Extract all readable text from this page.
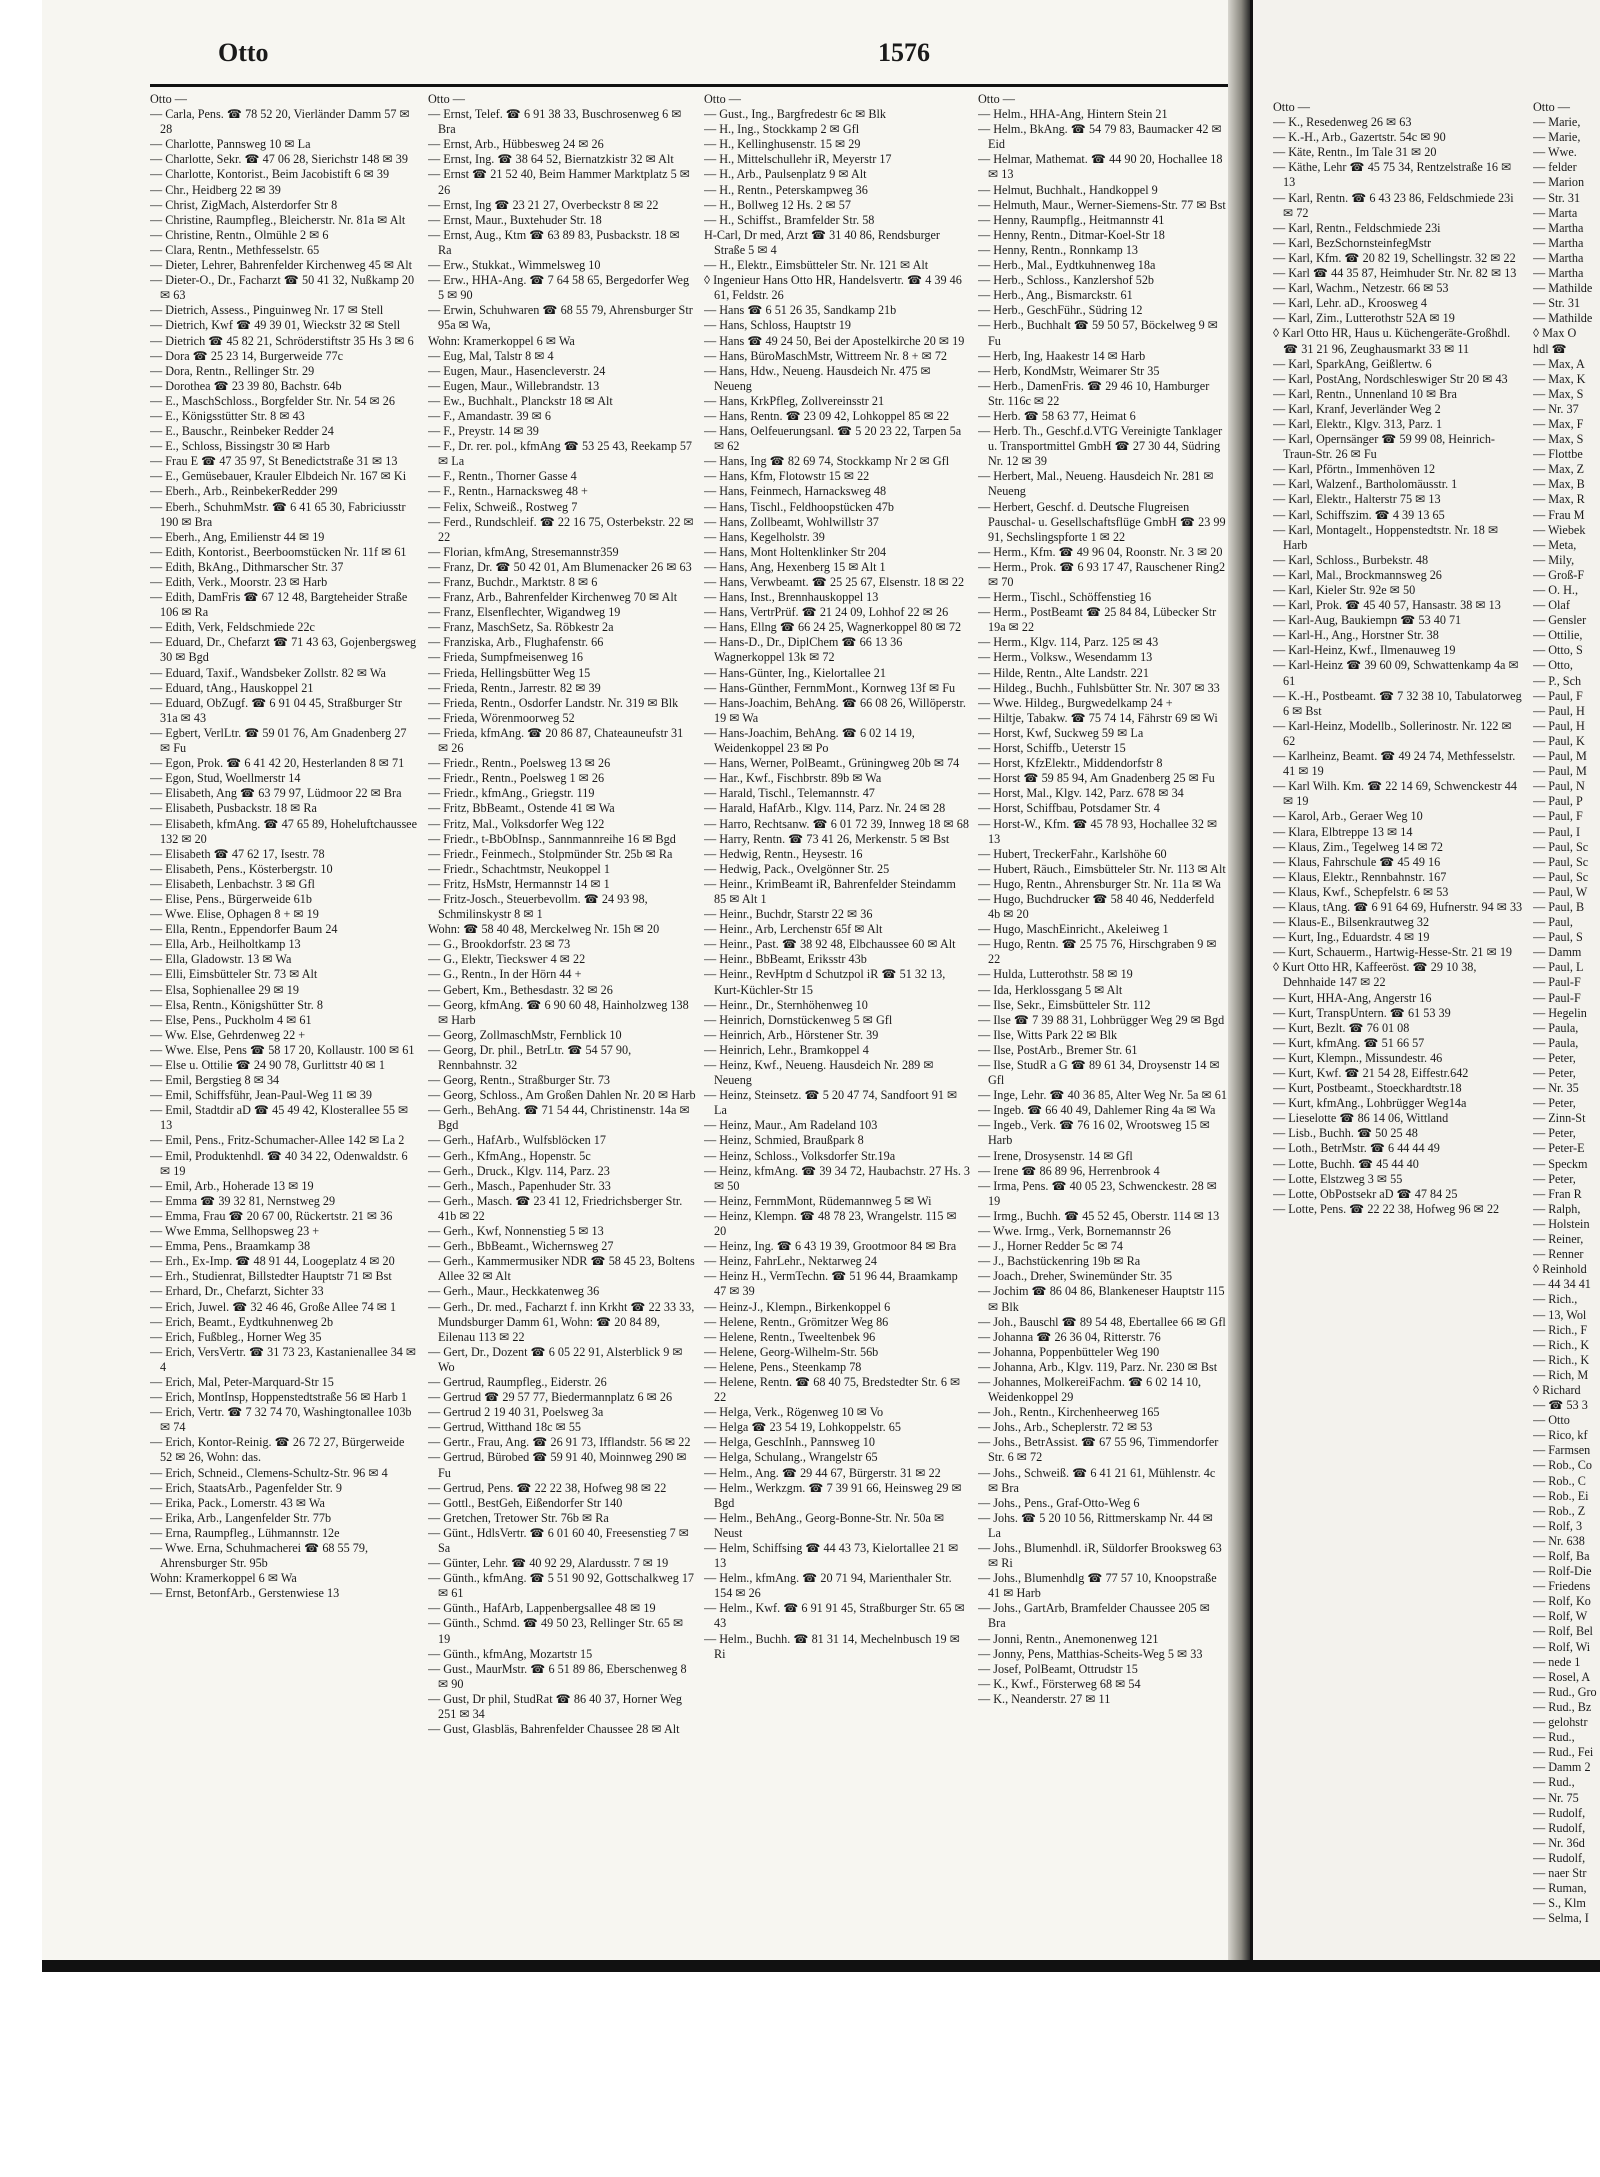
Otto	1576
Otto —
— Carla, Pens. ☎ 78 52 20, Vierländer Damm 57 ✉ 28
— Charlotte, Pannsweg 10 ✉ La
— Charlotte, Sekr. ☎ 47 06 28, Sierichstr 148 ✉ 39
— Charlotte, Kontorist., Beim Jacobistift 6 ✉ 39
— Chr., Heidberg 22 ✉ 39
— Christ, ZigMach, Alsterdorfer Str 8
— Christine, Raumpfleg., Bleicherstr. Nr. 81a ✉ Alt
— Christine, Rentn., Olmühle 2 ✉ 6
— Clara, Rentn., Methfesselstr. 65
— Dieter, Lehrer, Bahrenfelder Kirchenweg 45 ✉ Alt
— Dieter-O., Dr., Facharzt ☎ 50 41 32, Nußkamp 20 ✉ 63
— Dietrich, Assess., Pinguinweg Nr. 17 ✉ Stell
— Dietrich, Kwf ☎ 49 39 01, Wieckstr 32 ✉ Stell
— Dietrich ☎ 45 82 21, Schröderstiftstr 35 Hs 3 ✉ 6
— Dora ☎ 25 23 14, Burgerweide 77c
— Dora, Rentn., Rellinger Str. 29
— Dorothea ☎ 23 39 80, Bachstr. 64b
— E., MaschSchloss., Borgfelder Str. Nr. 54 ✉ 26
— E., Königsstütter Str. 8 ✉ 43
— E., Bauschr., Reinbeker Redder 24
— E., Schloss, Bissingstr 30 ✉ Harb
— Frau E ☎ 47 35 97, St Benedictstraße 31 ✉ 13
— E., Gemüsebauer, Krauler Elbdeich Nr. 167 ✉ Ki
— Eberh., Arb., ReinbekerRedder 299
— Eberh., SchuhmMstr. ☎ 6 41 65 30, Fabriciusstr 190 ✉ Bra
— Eberh., Ang, Emilienstr 44 ✉ 19
— Edith, Kontorist., Beerboomstücken Nr. 11f ✉ 61
— Edith, BkAng., Dithmarscher Str. 37
— Edith, Verk., Moorstr. 23 ✉ Harb
— Edith, DamFris ☎ 67 12 48, Bargteheider Straße 106 ✉ Ra
— Edith, Verk, Feldschmiede 22c
— Eduard, Dr., Chefarzt ☎ 71 43 63, Gojenbergsweg 30 ✉ Bgd
— Eduard, Taxif., Wandsbeker Zollstr. 82 ✉ Wa
— Eduard, tAng., Hauskoppel 21
— Eduard, ObZugf. ☎ 6 91 04 45, Straßburger Str 31a ✉ 43
— Egbert, VerlLtr. ☎ 59 01 76, Am Gnadenberg 27 ✉ Fu
— Egon, Prok. ☎ 6 41 42 20, Hesterlanden 8 ✉ 71
— Egon, Stud, Woellmerstr 14
— Elisabeth, Ang ☎ 63 79 97, Lüdmoor 22 ✉ Bra
— Elisabeth, Pusbackstr. 18 ✉ Ra
— Elisabeth, kfmAng. ☎ 47 65 89, Hoheluftchaussee 132 ✉ 20
— Elisabeth ☎ 47 62 17, Isestr. 78
— Elisabeth, Pens., Kösterbergstr. 10
— Elisabeth, Lenbachstr. 3 ✉ Gfl
— Elise, Pens., Bürgerweide 61b
— Wwe. Elise, Ophagen 8 + ✉ 19
— Ella, Rentn., Eppendorfer Baum 24
— Ella, Arb., Heilholtkamp 13
— Ella, Gladowstr. 13 ✉ Wa
— Elli, Eimsbütteler Str. 73 ✉ Alt
— Elsa, Sophienallee 29 ✉ 19
— Elsa, Rentn., Königshütter Str. 8
— Else, Pens., Puckholm 4 ✉ 61
— Ww. Else, Gehrdenweg 22 +
— Wwe. Else, Pens ☎ 58 17 20, Kollaustr. 100 ✉ 61
— Else u. Ottilie ☎ 24 90 78, Gurlittstr 40 ✉ 1
— Emil, Bergstieg 8 ✉ 34
— Emil, Schiffsführ, Jean-Paul-Weg 11 ✉ 39
— Emil, Stadtdir aD ☎ 45 49 42, Klosterallee 55 ✉ 13
— Emil, Pens., Fritz-Schumacher-Allee 142 ✉ La 2
— Emil, Produktenhdl. ☎ 40 34 22, Odenwaldstr. 6 ✉ 19
— Emil, Arb., Hoherade 13 ✉ 19
— Emma ☎ 39 32 81, Nernstweg 29
— Emma, Frau ☎ 20 67 00, Rückertstr. 21 ✉ 36
— Wwe Emma, Sellhopsweg 23 +
— Emma, Pens., Braamkamp 38
— Erh., Ex-Imp. ☎ 48 91 44, Loogeplatz 4 ✉ 20
— Erh., Studienrat, Billstedter Hauptstr 71 ✉ Bst
— Erhard, Dr., Chefarzt, Sichter 33
— Erich, Juwel. ☎ 32 46 46, Große Allee 74 ✉ 1
— Erich, Beamt., Eydtkuhnenweg 2b
— Erich, Fußbleg., Horner Weg 35
— Erich, VersVertr. ☎ 31 73 23, Kastanienallee 34 ✉ 4
— Erich, Mal, Peter-Marquard-Str 15
— Erich, MontInsp, Hoppenstedtstraße 56 ✉ Harb 1
— Erich, Vertr. ☎ 7 32 74 70, Washingtonallee 103b ✉ 74
— Erich, Kontor-Reinig. ☎ 26 72 27, Bürgerweide 52 ✉ 26, Wohn: das.
— Erich, Schneid., Clemens-Schultz-Str. 96 ✉ 4
— Erich, StaatsArb., Pagenfelder Str. 9
— Erika, Pack., Lomerstr. 43 ✉ Wa
— Erika, Arb., Langenfelder Str. 77b
— Erna, Raumpfleg., Lühmannstr. 12e
— Wwe. Erna, Schuhmacherei ☎ 68 55 79, Ahrensburger Str. 95b
Wohn: Kramerkoppel 6 ✉ Wa
— Ernst, BetonfArb., Gerstenwiese 13
Otto —
— Ernst, Telef. ☎ 6 91 38 33, Buschrosenweg 6 ✉ Bra
— Ernst, Arb., Hübbesweg 24 ✉ 26
— Ernst, Ing. ☎ 38 64 52, Biernatzkistr 32 ✉ Alt
— Ernst ☎ 21 52 40, Beim Hammer Marktplatz 5 ✉ 26
— Ernst, Ing ☎ 23 21 27, Overbeckstr 8 ✉ 22
— Ernst, Maur., Buxtehuder Str. 18
— Ernst, Aug., Ktm ☎ 63 89 83, Pusbackstr. 18 ✉ Ra
— Erw., Stukkat., Wimmelsweg 10
— Erw., HHA-Ang. ☎ 7 64 58 65, Bergedorfer Weg 5 ✉ 90
— Erwin, Schuhwaren ☎ 68 55 79, Ahrensburger Str 95a ✉ Wa,
Wohn: Kramerkoppel 6 ✉ Wa
— Eug, Mal, Talstr 8 ✉ 4
— Eugen, Maur., Hasencleverstr. 24
— Eugen, Maur., Willebrandstr. 13
— Ew., Buchhalt., Planckstr 18 ✉ Alt
— F., Amandastr. 39 ✉ 6
— F., Preystr. 14 ✉ 39
— F., Dr. rer. pol., kfmAng ☎ 53 25 43, Reekamp 57 ✉ La
— F., Rentn., Thorner Gasse 4
— F., Rentn., Harnacksweg 48 +
— Felix, Schweiß., Rostweg 7
— Ferd., Rundschleif. ☎ 22 16 75, Osterbekstr. 22 ✉ 22
— Florian, kfmAng, Stresemannstr359
— Franz, Dr. ☎ 50 42 01, Am Blumenacker 26 ✉ 63
— Franz, Buchdr., Marktstr. 8 ✉ 6
— Franz, Arb., Bahrenfelder Kirchenweg 70 ✉ Alt
— Franz, Elsenflechter, Wigandweg 19
— Franz, MaschSetz, Sa. Röbkestr 2a
— Franziska, Arb., Flughafenstr. 66
— Frieda, Sumpfmeisenweg 16
— Frieda, Hellingsbütter Weg 15
— Frieda, Rentn., Jarrestr. 82 ✉ 39
— Frieda, Rentn., Osdorfer Landstr. Nr. 319 ✉ Blk
— Frieda, Wörenmoorweg 52
— Frieda, kfmAng. ☎ 20 86 87, Chateauneufstr 31 ✉ 26
— Friedr., Rentn., Poelsweg 13 ✉ 26
— Friedr., Rentn., Poelsweg 1 ✉ 26
— Friedr., kfmAng., Griegstr. 119
— Fritz, BbBeamt., Ostende 41 ✉ Wa
— Fritz, Mal., Volksdorfer Weg 122
— Friedr., t-BbObInsp., Sannmannreihe 16 ✉ Bgd
— Friedr., Feinmech., Stolpmünder Str. 25b ✉ Ra
— Friedr., Schachtmstr, Neukoppel 1
— Fritz, HsMstr, Hermannstr 14 ✉ 1
— Fritz-Josch., Steuerbevollm. ☎ 24 93 98, Schmilinskystr 8 ✉ 1
Wohn: ☎ 58 40 48, Merckelweg Nr. 15h ✉ 20
— G., Brookdorfstr. 23 ✉ 73
— G., Elektr, Tieckswег 4 ✉ 22
— G., Rentn., In der Hörn 44 +
— Gebert, Km., Bethesdastr. 32 ✉ 26
— Georg, kfmAng. ☎ 6 90 60 48, Hainholzweg 138 ✉ Harb
— Georg, ZollmaschMstr, Fernblick 10
— Georg, Dr. phil., BetrLtr. ☎ 54 57 90, Rennbahnstr. 32
— Georg, Rentn., Straßburger Str. 73
— Georg, Schloss., Am Großen Dahlen Nr. 20 ✉ Harb
— Gerh., BehAng. ☎ 71 54 44, Christinenstr. 14a ✉ Bgd
— Gerh., HafArb., Wulfsblöcken 17
— Gerh., KfmAng., Hopenstr. 5c
— Gerh., Druck., Klgv. 114, Parz. 23
— Gerh., Masch., Papenhuder Str. 33
— Gerh., Masch. ☎ 23 41 12, Friedrichsberger Str. 41b ✉ 22
— Gerh., Kwf, Nonnenstieg 5 ✉ 13
— Gerh., BbBeamt., Wichernsweg 27
— Gerh., Kammermusiker NDR ☎ 58 45 23, Boltens Allee 32 ✉ Alt
— Gerh., Maur., Heckkatenweg 36
— Gerh., Dr. med., Facharzt f. inn Krkht ☎ 22 33 33, Mundsburger Damm 61, Wohn: ☎ 20 84 89, Eilenau 113 ✉ 22
— Gert, Dr., Dozent ☎ 6 05 22 91, Alsterblick 9 ✉ Wo
— Gertrud, Raumpfleg., Eiderstr. 26
— Gertrud ☎ 29 57 77, Biedermannplatz 6 ✉ 26
— Gertrud 2 19 40 31, Poelsweg 3a
— Gertrud, Witthand 18c ✉ 55
— Gertr., Frau, Ang. ☎ 26 91 73, Ifflandstr. 56 ✉ 22
— Gertrud, Bürobed ☎ 59 91 40, Moinnweg 290 ✉ Fu
— Gertrud, Pens. ☎ 22 22 38, Hofweg 98 ✉ 22
— Gottl., BestGeh, Eißendorfer Str 140
— Gretchen, Tretower Str. 76b ✉ Ra
— Günt., HdlsVertr. ☎ 6 01 60 40, Freesenstieg 7 ✉ Sa
— Günter, Lehr. ☎ 40 92 29, Alardusstr. 7 ✉ 19
— Günth., kfmAng. ☎ 5 51 90 92, Gottschalkweg 17 ✉ 61
— Günth., HafArb, Lappenbergsallee 48 ✉ 19
— Günth., Schmd. ☎ 49 50 23, Rellinger Str. 65 ✉ 19
— Günth., kfmAng, Mozartstr 15
— Gust., MaurMstr. ☎ 6 51 89 86, Eberschenweg 8 ✉ 90
— Gust, Dr phil, StudRat ☎ 86 40 37, Horner Weg 251 ✉ 34
— Gust, Glasbläs, Bahrenfelder Chaussee 28 ✉ Alt
Otto —
— Gust., Ing., Bargfredestr 6c ✉ Blk
— H., Ing., Stockkamp 2 ✉ Gfl
— H., Kellinghusenstr. 15 ✉ 29
— H., Mittelschullehr iR, Meyerstr 17
— H., Arb., Paulsenplatz 9 ✉ Alt
— H., Rentn., Peterskampweg 36
— H., Bollweg 12 Hs. 2 ✉ 57
— H., Schiffst., Bramfelder Str. 58
H-Carl, Dr med, Arzt ☎ 31 40 86, Rendsburger Straße 5 ✉ 4
— H., Elektr., Eimsbütteler Str. Nr. 121 ✉ Alt
◊ Ingenieur Hans Otto HR, Handelsvertr. ☎ 4 39 46 61, Feldstr. 26
— Hans ☎ 6 51 26 35, Sandkamp 21b
— Hans, Schloss, Hauptstr 19
— Hans ☎ 49 24 50, Bei der Apostelkirche 20 ✉ 19
— Hans, BüroMaschMstr, Wittreem Nr. 8 + ✉ 72
— Hans, Hdw., Neueng. Hausdeich Nr. 475 ✉ Neueng
— Hans, KrkPfleg, Zollvereinsstr 21
— Hans, Rentn. ☎ 23 09 42, Lohkoppel 85 ✉ 22
— Hans, Oelfeuerungsanl. ☎ 5 20 23 22, Tarpen 5a ✉ 62
— Hans, Ing ☎ 82 69 74, Stockkamp Nr 2 ✉ Gfl
— Hans, Kfm, Flotowstr 15 ✉ 22
— Hans, Feinmech, Harnacksweg 48
— Hans, Tischl., Feldhoopstücken 47b
— Hans, Zollbeamt, Wohlwillstr 37
— Hans, Kegelholstr. 39
— Hans, Mont Holtenklinker Str 204
— Hans, Ang, Hexenberg 15 ✉ Alt 1
— Hans, Verwbeamt. ☎ 25 25 67, Elsenstr. 18 ✉ 22
— Hans, Inst., Brennhauskoppel 13
— Hans, VertrPrüf. ☎ 21 24 09, Lohhof 22 ✉ 26
— Hans, Ellng ☎ 66 24 25, Wagnerkoppel 80 ✉ 72
— Hans-D., Dr., DiplChem ☎ 66 13 36 Wagnerkoppel 13k ✉ 72
— Hans-Günter, Ing., Kielortallee 21
— Hans-Günther, FernmMont., Kornweg 13f ✉ Fu
— Hans-Joachim, BehAng. ☎ 66 08 26, Willöperstr. 19 ✉ Wa
— Hans-Joachim, BehAng. ☎ 6 02 14 19, Weidenkoppel 23 ✉ Po
— Hans, Werner, PolBeamt., Grüningweg 20b ✉ 74
— Har., Kwf., Fischbrstr. 89b ✉ Wa
— Harald, Tischl., Telemannstr. 47
— Harald, HafArb., Klgv. 114, Parz. Nr. 24 ✉ 28
— Harro, Rechtsanw. ☎ 6 01 72 39, Innweg 18 ✉ 68
— Harry, Rentn. ☎ 73 41 26, Merkenstr. 5 ✉ Bst
— Hedwig, Rentn., Heysestr. 16
— Hedwig, Pack., Ovelgönner Str. 25
— Heinr., KrimBeamt iR, Bahrenfelder Steindamm 85 ✉ Alt 1
— Heinr., Buchdr, Starstr 22 ✉ 36
— Heinr., Arb, Lerchenstr 65f ✉ Alt
— Heinr., Past. ☎ 38 92 48, Elbchaussee 60 ✉ Alt
— Heinr., BbBeamt, Eriksstr 43b
— Heinr., RevHptm d Schutzpol iR ☎ 51 32 13, Kurt-Küchler-Str 15
— Heinr., Dr., Sternhöhenweg 10
— Heinrich, Dornstückenweg 5 ✉ Gfl
— Heinrich, Arb., Hörstener Str. 39
— Heinrich, Lehr., Bramkoppel 4
— Heinz, Kwf., Neueng. Hausdeich Nr. 289 ✉ Neueng
— Heinz, Steinsetz. ☎ 5 20 47 74, Sandfoort 91 ✉ La
— Heinz, Maur., Am Radeland 103
— Heinz, Schmied, Braußpark 8
— Heinz, Schloss., Volksdorfer Str.19a
— Heinz, kfmAng. ☎ 39 34 72, Haubachstr. 27 Hs. 3 ✉ 50
— Heinz, FernmMont, Rüdemannweg 5 ✉ Wi
— Heinz, Klempn. ☎ 48 78 23, Wrangelstr. 115 ✉ 20
— Heinz, Ing. ☎ 6 43 19 39, Grootmoor 84 ✉ Bra
— Heinz, FahrLehr., Nektarweg 24
— Heinz H., VermTechn. ☎ 51 96 44, Braamkamp 47 ✉ 39
— Heinz-J., Klempn., Birkenkoppel 6
— Helene, Rentn., Grömitzer Weg 86
— Helene, Rentn., Tweeltenbek 96
— Helene, Georg-Wilhelm-Str. 56b
— Helene, Pens., Steenkamp 78
— Helene, Rentn. ☎ 68 40 75, Bredstedter Str. 6 ✉ 22
— Helga, Verk., Rögenweg 10 ✉ Vo
— Helga ☎ 23 54 19, Lohkoppelstr. 65
— Helga, GeschInh., Pannsweg 10
— Helga, Schulang., Wrangelstr 65
— Helm., Ang. ☎ 29 44 67, Bürgerstr. 31 ✉ 22
— Helm., Werkzgm. ☎ 7 39 91 66, Heinsweg 29 ✉ Bgd
— Helm., BehAng., Georg-Bonne-Str. Nr. 50a ✉ Neust
— Helm, Schiffsing ☎ 44 43 73, Kielortallee 21 ✉ 13
— Helm., kfmAng. ☎ 20 71 94, Marienthaler Str. 154 ✉ 26
— Helm., Kwf. ☎ 6 91 91 45, Straßburger Str. 65 ✉ 43
— Helm., Buchh. ☎ 81 31 14, Mechelnbusch 19 ✉ Ri
Otto —
— Helm., HHA-Ang, Hintern Stein 21
— Helm., BkAng. ☎ 54 79 83, Baumacker 42 ✉ Eid
— Helmar, Mathemat. ☎ 44 90 20, Hochallee 18 ✉ 13
— Helmut, Buchhalt., Handkoppel 9
— Helmuth, Maur., Werner-Siemens-Str. 77 ✉ Bst
— Henny, Raumpflg., Heitmannstr 41
— Henny, Rentn., Ditmar-Koel-Str 18
— Henny, Rentn., Ronnkamp 13
— Herb., Mal., Eydtkuhnenweg 18a
— Herb., Schloss., Kanzlershof 52b
— Herb., Ang., Bismarckstr. 61
— Herb., GeschFühr., Südring 12
— Herb., Buchhalt ☎ 59 50 57, Böckelweg 9 ✉ Fu
— Herb, Ing, Haakestr 14 ✉ Harb
— Herb, KondMstr, Weimarer Str 35
— Herb., DamenFris. ☎ 29 46 10, Hamburger Str. 116c ✉ 22
— Herb. ☎ 58 63 77, Heimat 6
— Herb. Th., Geschf.d.VTG Vereinigte Tanklager u. Transportmittel GmbH ☎ 27 30 44, Südring Nr. 12 ✉ 39
— Herbert, Mal., Neueng. Hausdeich Nr. 281 ✉ Neueng
— Herbert, Geschf. d. Deutsche Flugreisen Pauschal- u. Gesellschaftsflüge GmbH ☎ 23 99 91, Sechslingspforte 1 ✉ 22
— Herm., Kfm. ☎ 49 96 04, Roonstr. Nr. 3 ✉ 20
— Herm., Prok. ☎ 6 93 17 47, Rauschener Ring2 ✉ 70
— Herm., Tischl., Schöffenstieg 16
— Herm., PostBeamt ☎ 25 84 84, Lübecker Str 19a ✉ 22
— Herm., Klgv. 114, Parz. 125 ✉ 43
— Herm., Volksw., Wesendamm 13
— Hilde, Rentn., Alte Landstr. 221
— Hildeg., Buchh., Fuhlsbütter Str. Nr. 307 ✉ 33
— Wwe. Hildeg., Burgwedelkamp 24 +
— Hiltje, Tabakw. ☎ 75 74 14, Fährstr 69 ✉ Wi
— Horst, Kwf, Suckweg 59 ✉ La
— Horst, Schiffb., Ueterstr 15
— Horst, KfzElektr., Middendorfstr 8
— Horst ☎ 59 85 94, Am Gnadenberg 25 ✉ Fu
— Horst, Mal., Klgv. 142, Parz. 678 ✉ 34
— Horst, Schiffbau, Potsdamer Str. 4
— Horst-W., Kfm. ☎ 45 78 93, Hochallee 32 ✉ 13
— Hubert, TreckerFahr., Karlshöhe 60
— Hubert, Räuch., Eimsbütteler Str. Nr. 113 ✉ Alt
— Hugo, Rentn., Ahrensburger Str. Nr. 11a ✉ Wa
— Hugo, Buchdrucker ☎ 58 40 46, Nedderfeld 4b ✉ 20
— Hugo, MaschEinricht., Akeleiweg 1
— Hugo, Rentn. ☎ 25 75 76, Hirschgraben 9 ✉ 22
— Hulda, Lutterothstr. 58 ✉ 19
— Ida, Herklossgang 5 ✉ Alt
— Ilse, Sekr., Eimsbütteler Str. 112
— Ilse ☎ 7 39 88 31, Lohbrügger Weg 29 ✉ Bgd
— Ilse, Witts Park 22 ✉ Blk
— Ilse, PostArb., Bremer Str. 61
— Ilse, StudR a G ☎ 89 61 34, Droysenstr 14 ✉ Gfl
— Inge, Lehr. ☎ 40 36 85, Alter Weg Nr. 5a ✉ 61
— Ingeb. ☎ 66 40 49, Dahlemer Ring 4a ✉ Wa
— Ingeb., Verk. ☎ 76 16 02, Wrootsweg 15 ✉ Harb
— Irene, Drosysenstr. 14 ✉ Gfl
— Irene ☎ 86 89 96, Herrenbrook 4
— Irma, Pens. ☎ 40 05 23, Schwenckestr. 28 ✉ 19
— Irmg., Buchh. ☎ 45 52 45, Oberstr. 114 ✉ 13
— Wwe. Irmg., Verk, Bornemannstr 26
— J., Horner Redder 5c ✉ 74
— J., Bachstückenring 19b ✉ Ra
— Joach., Dreher, Swinemünder Str. 35
— Jochim ☎ 86 04 86, Blankeneser Hauptstr 115 ✉ Blk
— Joh., Bauschl ☎ 89 54 48, Ebertallee 66 ✉ Gfl
— Johanna ☎ 26 36 04, Ritterstr. 76
— Johanna, Poppenbütteler Weg 190
— Johanna, Arb., Klgv. 119, Parz. Nr. 230 ✉ Bst
— Johannes, MolkereiFachm. ☎ 6 02 14 10, Weidenkoppel 29
— Joh., Rentn., Kirchenheerweg 165
— Johs., Arb., Scheplerstr. 72 ✉ 53
— Johs., BetrAssist. ☎ 67 55 96, Timmendorfer Str. 6 ✉ 72
— Johs., Schweiß. ☎ 6 41 21 61, Mühlenstr. 4c ✉ Bra
— Johs., Pens., Graf-Otto-Weg 6
— Johs. ☎ 5 20 10 56, Rittmerskamp Nr. 44 ✉ La
— Johs., Blumenhdl. iR, Süldorfer Brooksweg 63 ✉ Ri
— Johs., Blumenhdlg ☎ 77 57 10, Knoopstraße 41 ✉ Harb
— Johs., GartArb, Bramfelder Chaussee 205 ✉ Bra
— Jonni, Rentn., Anemonenweg 121
— Jonny, Pens, Matthias-Scheits-Weg 5 ✉ 33
— Josef, PolBeamt, Ottrudstr 15
— K., Kwf., Försterweg 68 ✉ 54
— K., Neanderstr. 27 ✉ 11
Otto —
— K., Resedenweg 26 ✉ 63
— K.-H., Arb., Gazertstr. 54c ✉ 90
— Käte, Rentn., Im Tale 31 ✉ 20
— Käthe, Lehr ☎ 45 75 34, Rentzelstraße 16 ✉ 13
— Karl, Rentn. ☎ 6 43 23 86, Feldschmiede 23i ✉ 72
— Karl, Rentn., Feldschmiede 23i
— Karl, BezSchornsteinfegMstr
— Karl, Kfm. ☎ 20 82 19, Schellingstr. 32 ✉ 22
— Karl ☎ 44 35 87, Heimhuder Str. Nr. 82 ✉ 13
— Karl, Wachm., Netzestr. 66 ✉ 53
— Karl, Lehr. aD., Kroosweg 4
— Karl, Zim., Lutterothstr 52A ✉ 19
◊ Karl Otto HR, Haus u. Küchengeräte-Großhdl. ☎ 31 21 96, Zeughausmarkt 33 ✉ 11
— Karl, SparkAng, Geißlertw. 6
— Karl, PostAng, Nordschleswiger Str 20 ✉ 43
— Karl, Rentn., Unnenland 10 ✉ Bra
— Karl, Kranf, Jeverländer Weg 2
— Karl, Elektr., Klgv. 313, Parz. 1
— Karl, Opernsänger ☎ 59 99 08, Heinrich-Traun-Str. 26 ✉ Fu
— Karl, Pförtn., Immenhöven 12
— Karl, Walzenf., Bartholomäusstr. 1
— Karl, Elektr., Halterstr 75 ✉ 13
— Karl, Schiffszim. ☎ 4 39 13 65
— Karl, Montagelt., Hoppenstedtstr. Nr. 18 ✉ Harb
— Karl, Schloss., Burbekstr. 48
— Karl, Mal., Brockmannsweg 26
— Karl, Kieler Str. 92e ✉ 50
— Karl, Prok. ☎ 45 40 57, Hansastr. 38 ✉ 13
— Karl-Aug, Baukiempn ☎ 53 40 71
— Karl-H., Ang., Horstner Str. 38
— Karl-Heinz, Kwf., Ilmenauweg 19
— Karl-Heinz ☎ 39 60 09, Schwattenkamp 4a ✉ 61
— K.-H., Postbeamt. ☎ 7 32 38 10, Tabulatorweg 6 ✉ Bst
— Karl-Heinz, Modellb., Sollerinostr. Nr. 122 ✉ 62
— Karlheinz, Beamt. ☎ 49 24 74, Methfesselstr. 41 ✉ 19
— Karl Wilh. Km. ☎ 22 14 69, Schwenckestr 44 ✉ 19
— Karol, Arb., Geraer Weg 10
— Klara, Elbtreppe 13 ✉ 14
— Klaus, Zim., Tegelweg 14 ✉ 72
— Klaus, Fahrschule ☎ 45 49 16
— Klaus, Elektr., Rennbahnstr. 167
— Klaus, Kwf., Schepfelstr. 6 ✉ 53
— Klaus, tAng. ☎ 6 91 64 69, Hufnerstr. 94 ✉ 33
— Klaus-E., Bilsenkrautweg 32
— Kurt, Ing., Eduardstr. 4 ✉ 19
— Kurt, Schauerm., Hartwig-Hesse-Str. 21 ✉ 19
◊ Kurt Otto HR, Kaffeeröst. ☎ 29 10 38, Dehnhaide 147 ✉ 22
— Kurt, HHA-Ang, Angerstr 16
— Kurt, TranspUntern. ☎ 61 53 39
— Kurt, Bezlt. ☎ 76 01 08
— Kurt, kfmAng. ☎ 51 66 57
— Kurt, Klempn., Missundestr. 46
— Kurt, Kwf. ☎ 21 54 28, Eiffestr.642
— Kurt, Postbeamt., Stoeckhardtstr.18
— Kurt, kfmAng., Lohbrügger Weg14a
— Lieselotte ☎ 86 14 06, Wittland
— Lisb., Buchh. ☎ 50 25 48
— Loth., BetrMstr. ☎ 6 44 44 49
— Lotte, Buchh. ☎ 45 44 40
— Lotte, Elstzweg 3 ✉ 55
— Lotte, ObPostsekr aD ☎ 47 84 25
— Lotte, Pens. ☎ 22 22 38, Hofweg 96 ✉ 22
Otto —
— Marie,
— Marie,
— Wwe.
— felder
— Marion
— Str. 31
— Marta
— Martha
— Martha
— Martha
— Martha
— Mathilde
— Str. 31
— Mathilde
◊ Max O
hdl ☎
— Max, A
— Max, K
— Max, S
— Nr. 37
— Max, F
— Max, S
— Flottbe
— Max, Z
— Max, B
— Max, R
— Frau M
— Wiebek
— Meta,
— Mily,
— Groß-F
— O. H.,
— Olaf
— Gensler
— Ottilie,
— Otto, S
— Otto,
— P., Sch
— Paul, F
— Paul, H
— Paul, H
— Paul, K
— Paul, M
— Paul, M
— Paul, N
— Paul, P
— Paul, F
— Paul, I
— Paul, Sc
— Paul, Sc
— Paul, Sc
— Paul, W
— Paul, B
— Paul,
— Paul, S
— Damm
— Paul, L
— Paul-F
— Paul-F
— Hegelin
— Paula,
— Paula,
— Peter,
— Peter,
— Nr. 35
— Peter,
— Zinn-St
— Peter,
— Peter-E
— Speckm
— Peter,
— Fran R
— Ralph,
— Holstein
— Reiner,
— Renner
◊ Reinhold
— 44 34 41
— Rich.,
— 13, Wol
— Rich., F
— Rich., K
— Rich., K
— Rich, M
◊ Richard
— ☎ 53 3
— Otto
— Rico, kf
— Farmsen
— Rob., Co
— Rob., C
— Rob., Ei
— Rob., Z
— Rolf, 3
— Nr. 638
— Rolf, Ba
— Rolf-Die
— Friedens
— Rolf, Ko
— Rolf, W
— Rolf, Bel
— Rolf, Wi
— nede 1
— Rosel, A
— Rud., Gro
— Rud., Bz
— gelohstr
— Rud.,
— Rud., Fei
— Damm 2
— Rud.,
— Nr. 75
— Rudolf,
— Rudolf,
— Nr. 36d
— Rudolf,
— naer Str
— Ruman,
— S., Klm
— Selma, I
